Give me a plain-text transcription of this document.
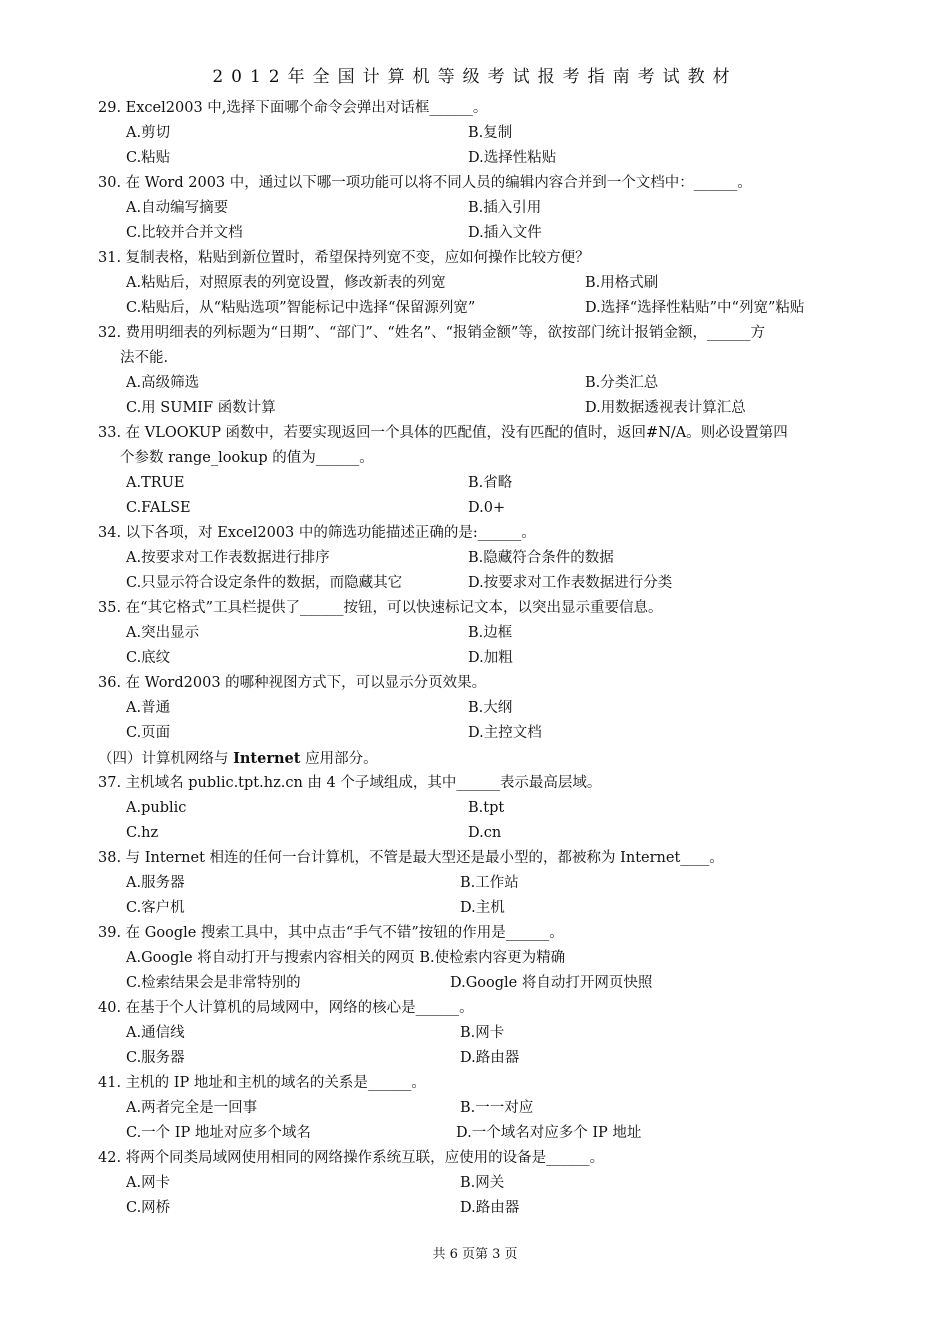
2012年全国计算机等级考试报考指南考试教材
29. Excel2003 中,选择下面哪个命令会弹出对话框______。
A.剪切	B.复制
C.粘贴	D.选择性粘贴
30. 在 Word 2003 中，通过以下哪一项功能可以将不同人员的编辑内容合并到一个文档中：______。
A.自动编写摘要	B.插入引用
C.比较并合并文档	D.插入文件
31. 复制表格，粘贴到新位置时，希望保持列宽不变，应如何操作比较方便？
A.粘贴后，对照原表的列宽设置，修改新表的列宽	B.用格式刷
C.粘贴后，从“粘贴选项”智能标记中选择“保留源列宽”	D.选择“选择性粘贴”中“列宽”粘贴
32. 费用明细表的列标题为“日期”、“部门”、“姓名”、“报销金额”等，欲按部门统计报销金额，______方
法不能.
A.高级筛选	B.分类汇总
C.用 SUMIF 函数计算	D.用数据透视表计算汇总
33. 在 VLOOKUP 函数中，若要实现返回一个具体的匹配值，没有匹配的值时，返回#N/A。则必设置第四
个参数 range_lookup 的值为______。
A.TRUE	B.省略
C.FALSE	D.0+
34. 以下各项，对 Excel2003 中的筛选功能描述正确的是:______。
A.按要求对工作表数据进行排序	B.隐藏符合条件的数据
C.只显示符合设定条件的数据，而隐藏其它	D.按要求对工作表数据进行分类
35. 在“其它格式”工具栏提供了______按钮，可以快速标记文本，以突出显示重要信息。
A.突出显示	B.边框
C.底纹	D.加粗
36. 在 Word2003 的哪种视图方式下，可以显示分页效果。
A.普通	B.大纲
C.页面	D.主控文档
（四）计算机网络与 Internet 应用部分。
37. 主机域名 public.tpt.hz.cn 由 4 个子域组成，其中______表示最高层域。
A.public	B.tpt
C.hz	D.cn
38. 与 Internet 相连的任何一台计算机，不管是最大型还是最小型的，都被称为 Internet____。
A.服务器	B.工作站
C.客户机	D.主机
39. 在 Google 搜索工具中，其中点击“手气不错”按钮的作用是______。
A.Google 将自动打开与搜索内容相关的网页 B.使检索内容更为精确
C.检索结果会是非常特别的	D.Google 将自动打开网页快照
40. 在基于个人计算机的局域网中，网络的核心是______。
A.通信线	B.网卡
C.服务器	D.路由器
41. 主机的 IP 地址和主机的域名的关系是______。
A.两者完全是一回事	B.一一对应
C.一个 IP 地址对应多个域名	D.一个域名对应多个 IP 地址
42. 将两个同类局域网使用相同的网络操作系统互联，应使用的设备是______。
A.网卡	B.网关
C.网桥	D.路由器
共 6 页第 3 页
